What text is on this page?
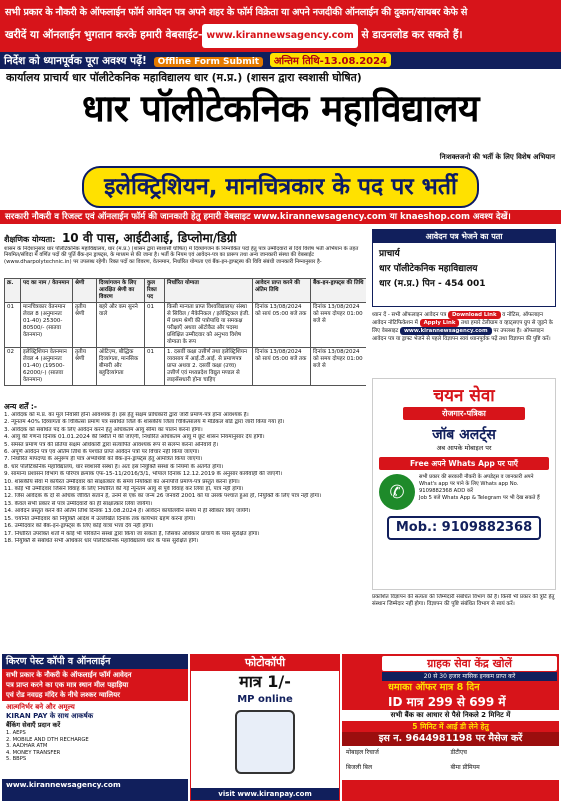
सभी प्रकार के नौकरी के ऑफलाईन फॉर्म आवेदन पत्र अपने शहर के फॉर्म विक्रेता या अपने नजदीकी ऑनलाईन की दुकान/सायबर केफे से
खरीदें या ऑनलाईन भुगतान करके हमारी वेबसाईट- www.kirannewsagency.com से डाउनलोड कर सकते हैं।
निर्देश को ध्यानपूर्वक पूरा अवश्य पढ़ें! Offline Form Submit अन्तिम तिथि-13.08.2024
कार्यालय प्राचार्य धार पॉलीटेकनिक महाविद्यालय धार (म.प्र.) (शासन द्वारा स्वशासी घोषित)
धार पॉलीटेकनिक महाविद्यालय
निःशक्तजनो की भर्ती के लिए विशेष अभियान
इलेक्ट्रिशियन, मानचित्रकार के पद पर भर्ती
सरकारी नौकरी व रिजल्ट एवं ऑनलाईन फॉर्म की जानकारी हेतु हमारी वेबसाइट www.kirannewsagency.com या knaeshop.com अवश्य देखें।
शैक्षणिक योग्यता: 10 वी पास, आईटीआई, डिप्लोमा/डिग्री
शासन के निर्देशानुसार धार पॉलीटेकनिक महाविद्यालय, धार (म.प्र.) (शासन द्वारा स्वशासी घोषित) में दिव्यांगजन के निम्नांकित पदों हेतु पात्र उम्मीदवारों से दिये विशेष भर्ती अभियान के तहत नियमित/संविदा में वर्णित पदों की पूर्ति बैंक-इन ड्राफ्ट्स, के माध्यम से की जाना है। भर्ती के नियम एवं आवेदन-पत्र का प्रारूप तथा अन्य जानकारी संस्था की वेबसाईट (www.dharpolytechnic.in) पर उपलब्ध रहेगी। रिक्त पदों का विवरण, वेतनमान, निर्धारित योग्यता एवं बैंक-इन-ड्राफ्ट्स्य की विवि संबंधी जानकारी निम्नानुसार है-
क्र.	पद का नाम / वेतनमान	श्रेणी	दिव्यांगजन के लिए आरक्षित श्रेणी का विवरण	कुल रिक्त पद	निर्धारित योग्यता	आवेदन प्राप्त करने की अंतिम तिथि	बैंक-इन-ड्राफ्ट्स की तिथि
01	मानचित्रकार वेतनमान लेवल 8 (अनुमानतः 01-40) 25300-80500/- (सातवा वेतनमान)	तृतीय श्रेणी	बहरे और कम सुनने वाले	01	किसी मान्यता प्राप्त विश्वविद्यालय/ संस्था से सिविल / मैकेनिकल / इलेक्ट्रिकल इंजी. में प्रथम श्रेणी की पत्रोपाधि या समकक्ष परीक्षाएँ अथवा ऑटोकैड और पदस्थ प्रशिक्षित उम्मीदवार को अनुभव विशेष योग्यता के रूप	दिनांक 13/08/2024 को सायं 05:00 बजे तक	दिनांक 13/08/2024 को समय दोपहर 01:00 बजे से
02	इलेक्ट्रिशियन वेतनमान लेवल 4 (अनुमानतः 01-40) (19500-62000/-) (सातवा वेतनमान)	तृतीय श्रेणी	ऑटिज़्म, बौद्धिक दिव्यांगता, मानसिक बीमारी और बहुदिव्यांगता	01	1. दसवीं कक्षा उत्तीर्ण तथा इलेक्ट्रिशियन व्यवसाय में आई.टी.आई. से प्रमाणपत्र प्राप्त अथवा 2. दसवीं कक्षा (उच्च) उत्तीर्ण एवं मध्यप्रदेश विद्युत मण्डल से लाइसेंसधारी होना चाहिए	दिनांक 13/08/2024 को सायं 05:00 बजे तक	दिनांक 13/08/2024 को समय दोपहर 01:00 बजे से
अन्य शर्तें :-

1. आवेदक को म.प्र. का मूल निवासी होना आवश्यक है। इस हेतु सक्षम प्राधिकारी द्वारा जारी प्रमाण-पत्र होना आवश्यक है।

2. न्यूनतम 40% दिव्यांगता के चिकित्सा प्रमाण पत्र संबंधित जिले के शासकीय जिला चिकित्सालय में मेडिकल बोर्ड द्वारा जारी किया गया हो।

3. आवेदक को संबंधित पद के लिए आवेदन करने हेतु अधिकतम आयु सीमा का पालन करना होगा।

4. आयु की गणना दिनांक 01.01.2024 की स्थिति में की जाएगी, निर्धारित अधिकतम आयु में छूट शासन नियमानुसार देय होगी।

5. समस्त प्रमाण पत्र की प्रतियां सक्षम अधिकारी द्वारा सत्यापित आवश्यक रूप से संलग्न करना अनिवार्य है।

6. अपूर्ण आवेदन पत्र एवं अंतिम तिथि के पश्चात प्राप्त आवेदन पत्रों पर विचार नहीं किया जाएगा।

7. निर्धारित मापदण्ड के अनुरूप ही पात्र अभ्यर्थियों को बैंक-इन-ड्राफ्ट्स हेतु आमंत्रित किया जाएगा।

8. धार पॉलीटेकनिक महाविद्यालय, धार स्वशासी संस्था है। अतः इस नियुक्ति संस्था के नियमों के अंतर्गत होगा।

9. सामान्य प्रशासन विभाग के परिपत्र क्रमांक एफ-15-11/2016/3/1, भोपाल दिनांक 12.12.2019 के अनुसार कार्यवाही की जाएगी।

10. शासकीय सेवा में कार्यरत उम्मीदवार को साक्षात्कार के समय नियोक्ता का अनापत्ति प्रमाण-पत्र प्रस्तुत करना होगा।

11. कोई भी उम्मीदवार जिसने विवाह के लिए निर्धारित की गई न्यूनतम आयु से पूर्व विवाह कर लिया हो, पात्र नहीं होगा।

12. जिस आवेदक के दो से अधिक जीवित संतान है, उनमें से एक का जन्म 26 जनवरी 2001 को या उसके पश्चात हुआ हो, नियुक्ति के लिए पात्र नहीं होगा।

13. केवल सभी प्रकार से पात्र उम्मीदवारों का ही साक्षात्कार लिया जायेगा।

14. आवेदन प्रस्तुत करने की अंतिम तिथि दिनांक 13.08.2024 है। आवेदन कार्यालयीन समय में ही स्वीकार किए जायेंगे।

15. चयनित उम्मीदवार को नियुक्ति आदेश में उल्लेखित दिनांक तक कार्यभार ग्रहण करना होगा।

16. उम्मीदवार को बैंक-इन-ड्राफ्ट्स के लिए कोई यात्रा भत्ता देय नहीं होगा।

17. निर्धारित उपरोक्त शर्तों में कोई भी परिवर्तन संस्था द्वारा किया जा सकता है, जिसका अधिकार प्राचार्य के पास सुरक्षित होगा।

18. नियुक्ति से संबंधित सभी अधिकार धार पॉलीटेकनिक महाविद्यालय धार के पास सुरक्षित होंगे।

आवेदन पत्र भेजने का पता
प्राचार्य
धार पॉलीटेकनिक महाविद्यालय
धार (म.प्र.) पिन - 454 001
ध्यान दें - सभी ऑफलाइन आवेदन पत्र Download Link व नोटिस, ऑफलाइन आवेदन नोटिफिकेशन में Apply Link तथा हमारे टेलीग्राम व व्हाट्सएप ग्रुप से जुड़ने के लिए वेबसाइट www.kirannewsagency.com पर उपलब्ध है। ऑफलाइन आवेदन पत्र या ड्राफ्ट भेजने से पहले विज्ञापन स्वयं ध्यानपूर्वक पढ़ें तथा विज्ञापन की पुष्टि करें।
चयन सेवा
रोजगार-पत्रिका
जॉब अलर्ट्स
अब आपके मोबाइल पर
Free अपने Whats App पर पाएँ
✆
सभी प्रकार की सरकारी नौकरी के अपडेट्स व जानकारी अपने
What's app पर पाने के लिए Whats app No.
9109882368 ADD करें
Job 5 बजे Whats App & Telegram पर भी देख सकते हैं
Mob.: 9109882368
प्रकाशित विज्ञापन की सत्यता की जिम्मेदारी संबंधित विभाग की है। किसी भी प्रकार की त्रुटि हेतु संस्थान जिम्मेदार नहीं होगा। विज्ञापन की पुष्टि संबंधित विभाग से स्वयं करें।
किरण पेस्ट कॉपी व ऑनलाईन
सभी प्रकार के नौकरी के ऑफलाईन फॉर्म आवेदन
पत्र प्राप्त करने का एक मात्र स्थान मील पहाड़िया
एवं रोड नवग्रह मंदिर के नीचे लश्कर ग्वालियर
आत्मनिर्भर बने और अमूल्य
KIRAN PAY के साथ आकर्षक
बैंकिंग सेवाएँ प्रदान करें
1. AEPS
2. MOBILE AND DTH RECHARGE
3. AADHAR ATM
4. MONEY TRANSFER
5. BBPS
www.kirannewsagency.com
फोटोकॉपी
मात्र 1/-
MP online
visit www.kiranpay.com
ग्राहक सेवा केंद्र खोलें
20 से 30 हजार मासिक इनकम प्राप्त करें
धमाका ऑफर मात्र 8 दिन
ID मात्र 299 से 699 में
सभी बैंक का आधार से पैसे निकले 2 मिनिट में
5 मिनिट में आई डी लेने हेतु
इस न. 9644981198 पर मैसेज करें
मोबाइल रिचार्ज	डीटीएच
बिजली बिल	बीमा प्रीमियम
